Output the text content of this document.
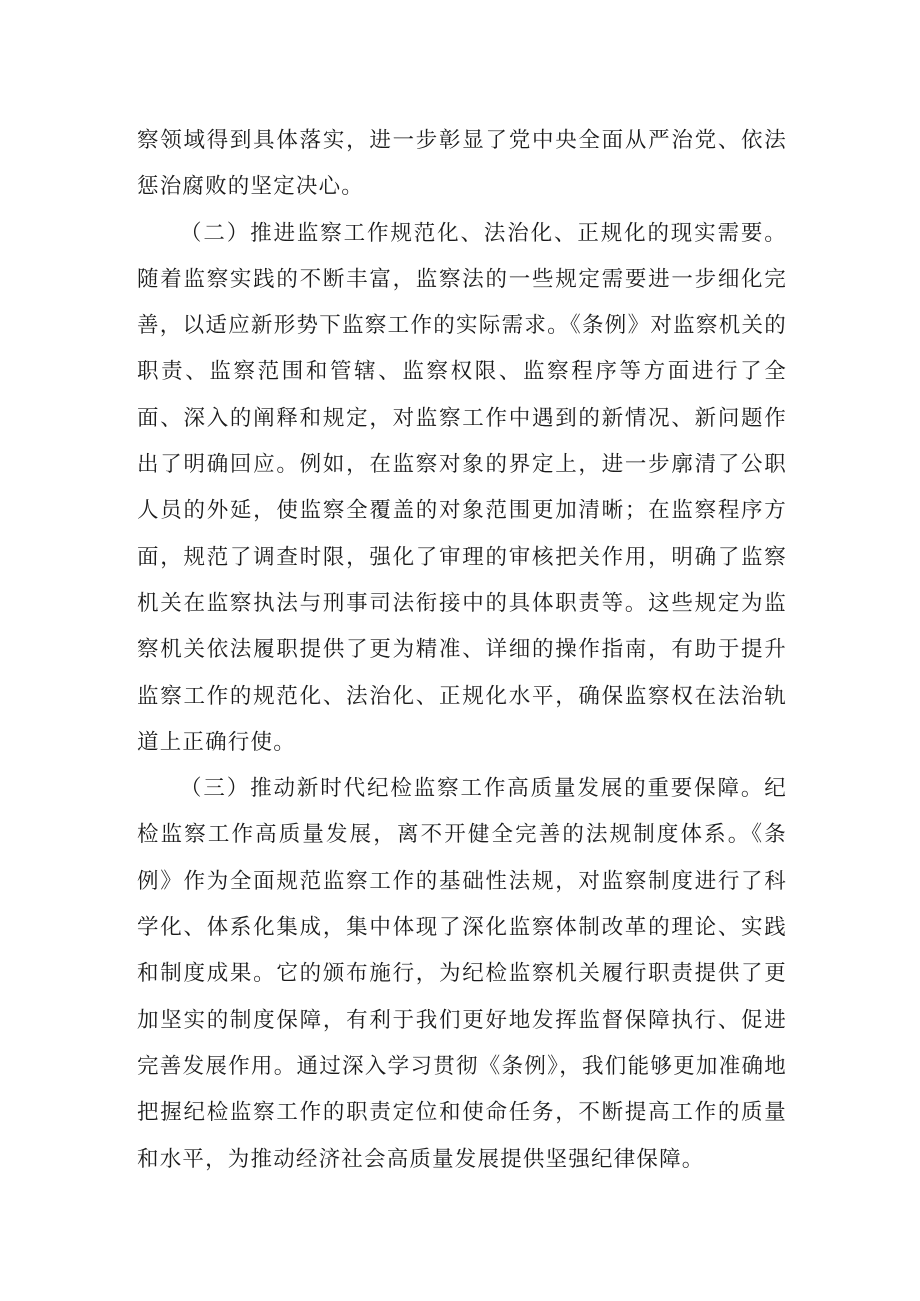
察领域得到具体落实，进一步彰显了党中央全面从严治党、依法惩治腐败的坚定决心。

（二）推进监察工作规范化、法治化、正规化的现实需要。随着监察实践的不断丰富，监察法的一些规定需要进一步细化完善，以适应新形势下监察工作的实际需求。《条例》对监察机关的职责、监察范围和管辖、监察权限、监察程序等方面进行了全面、深入的阐释和规定，对监察工作中遇到的新情况、新问题作出了明确回应。例如，在监察对象的界定上，进一步廓清了公职人员的外延，使监察全覆盖的对象范围更加清晰；在监察程序方面，规范了调查时限，强化了审理的审核把关作用，明确了监察机关在监察执法与刑事司法衔接中的具体职责等。这些规定为监察机关依法履职提供了更为精准、详细的操作指南，有助于提升监察工作的规范化、法治化、正规化水平，确保监察权在法治轨道上正确行使。

（三）推动新时代纪检监察工作高质量发展的重要保障。纪检监察工作高质量发展，离不开健全完善的法规制度体系。《条例》作为全面规范监察工作的基础性法规，对监察制度进行了科学化、体系化集成，集中体现了深化监察体制改革的理论、实践和制度成果。它的颁布施行，为纪检监察机关履行职责提供了更加坚实的制度保障，有利于我们更好地发挥监督保障执行、促进完善发展作用。通过深入学习贯彻《条例》，我们能够更加准确地把握纪检监察工作的职责定位和使命任务，不断提高工作的质量和水平，为推动经济社会高质量发展提供坚强纪律保障。
